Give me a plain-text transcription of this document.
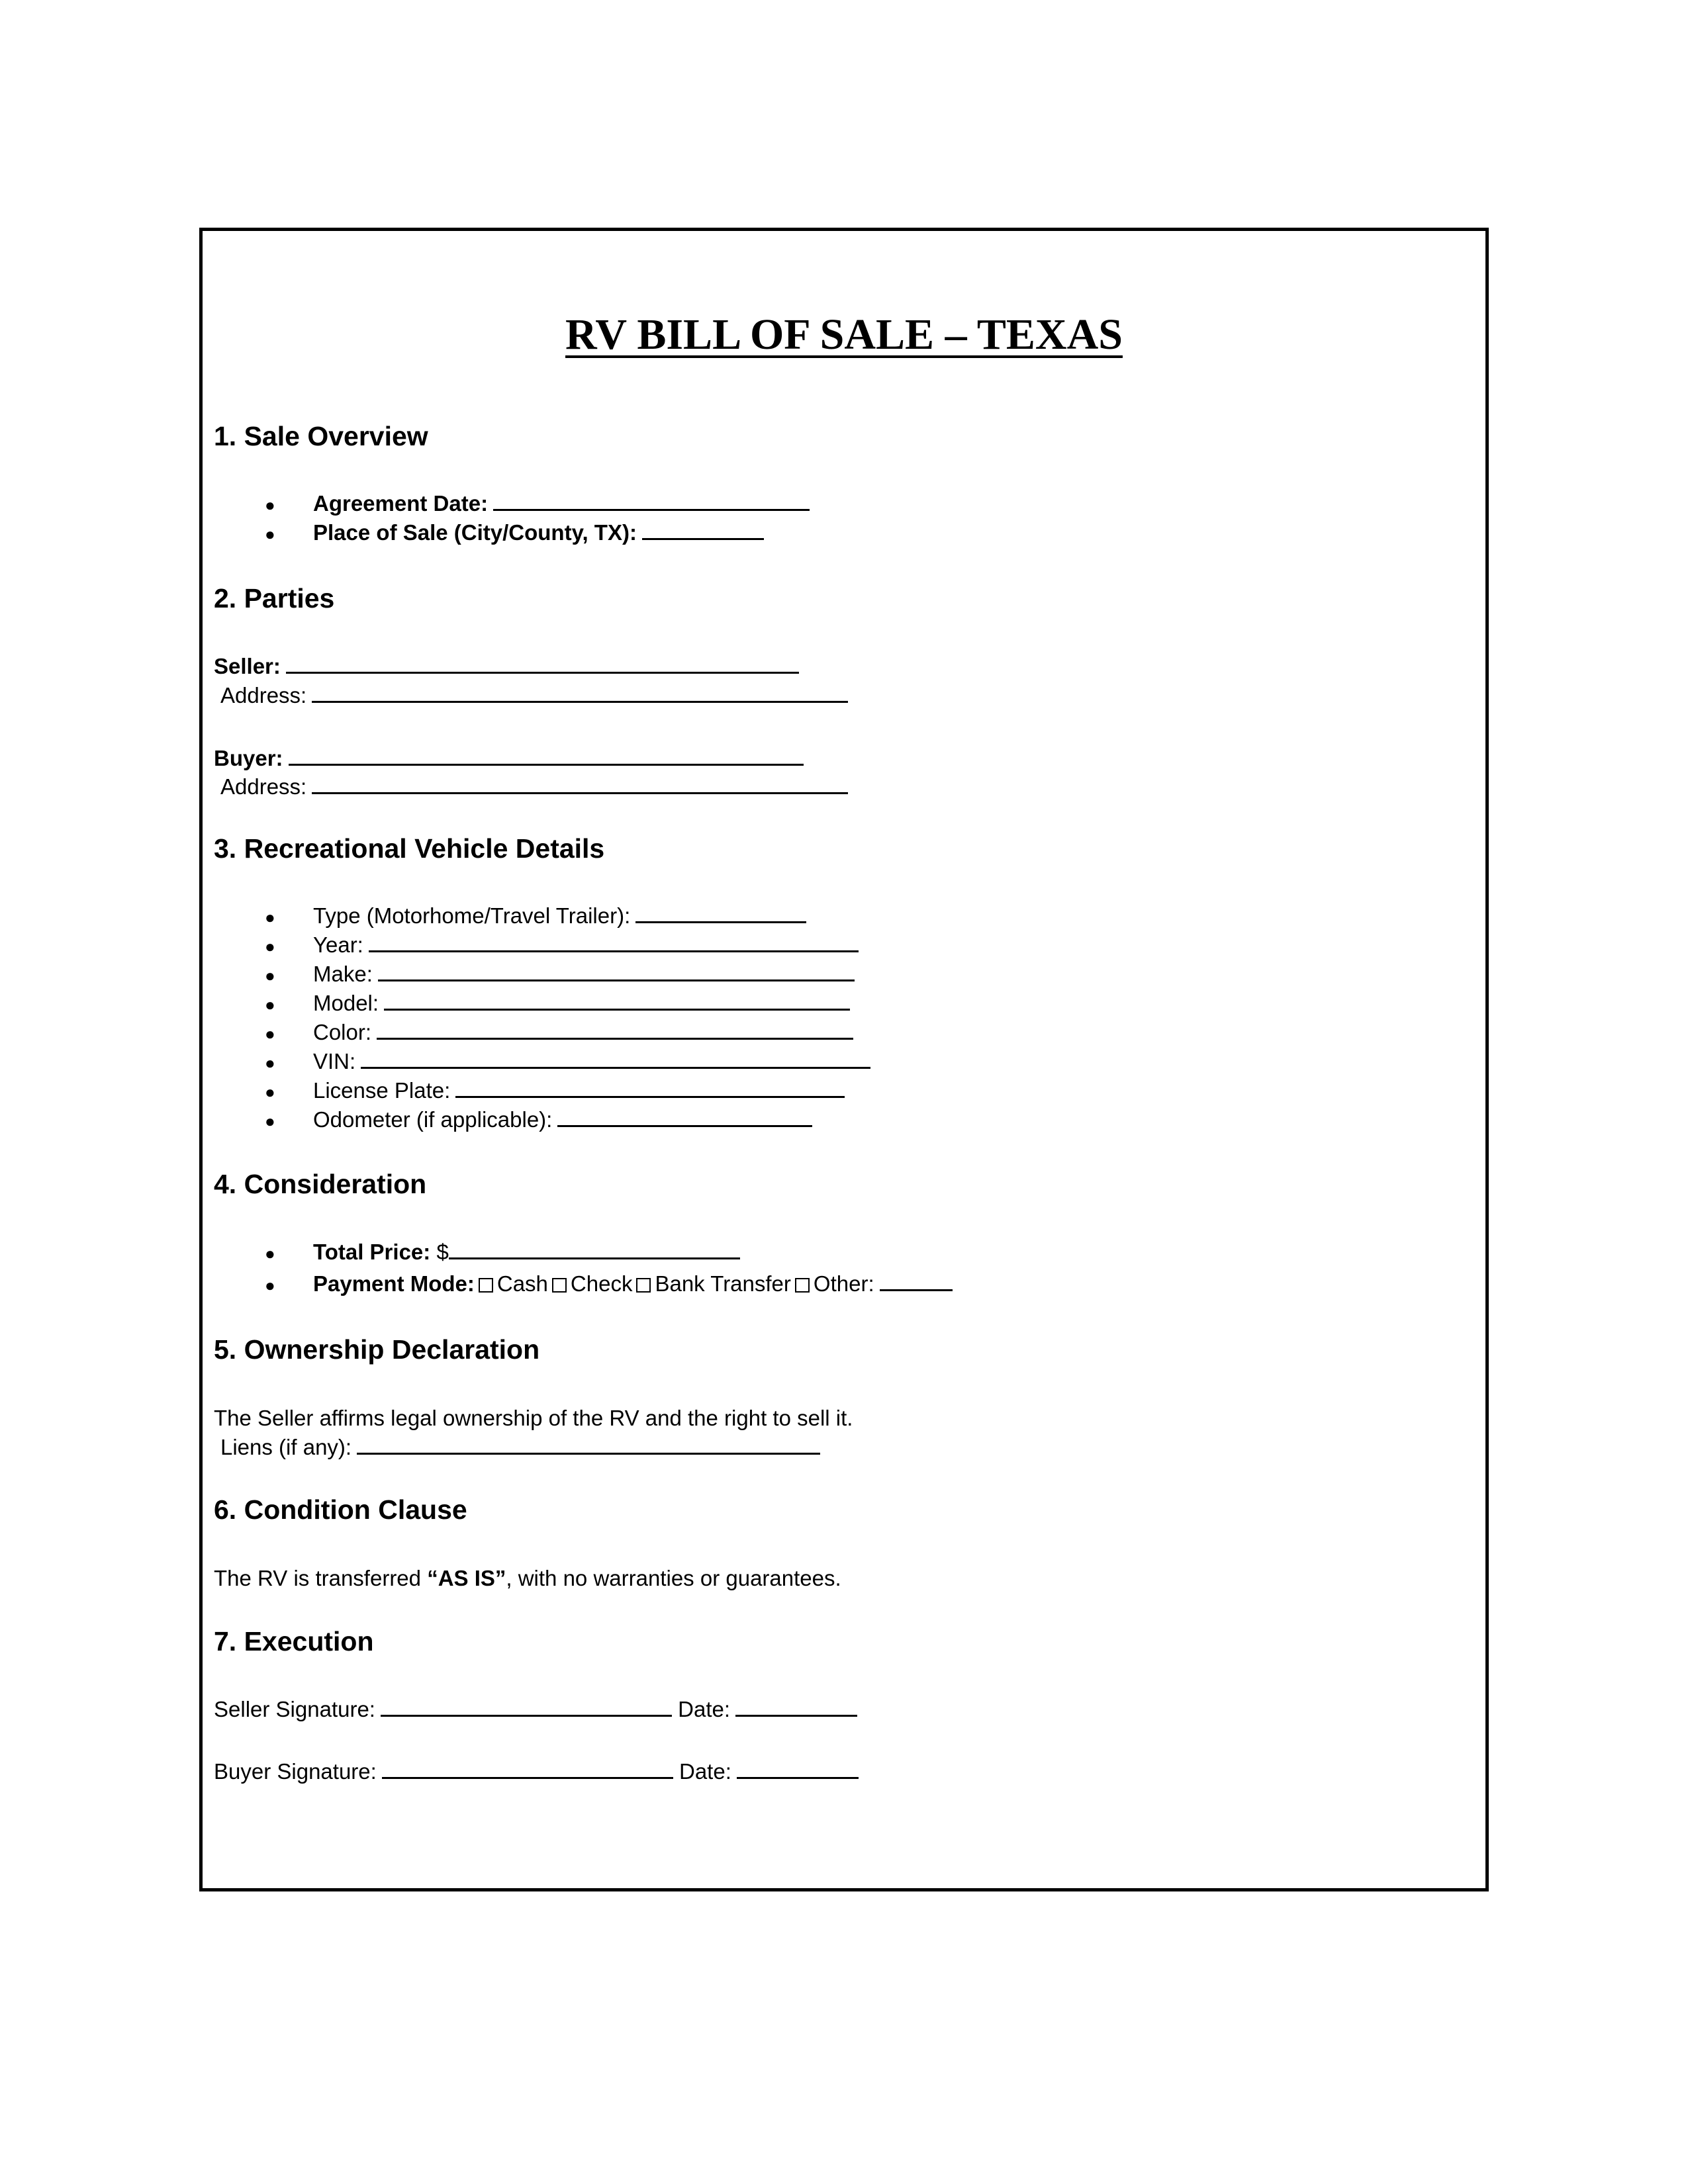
RV BILL OF SALE – TEXAS
1. Sale Overview
● Agreement Date:
● Place of Sale (City/County, TX):
2. Parties
Seller:
Address:
Buyer:
Address:
3. Recreational Vehicle Details
● Type (Motorhome/Travel Trailer):
● Year:
● Make:
● Model:
● Color:
● VIN:
● License Plate:
● Odometer (if applicable):
4. Consideration
● Total Price: $
● Payment Mode: Cash Check Bank Transfer Other:
5. Ownership Declaration
The Seller affirms legal ownership of the RV and the right to sell it.
Liens (if any):
6. Condition Clause
The RV is transferred “AS IS”, with no warranties or guarantees.
7. Execution
Seller Signature:	Date:
Buyer Signature:	Date:
